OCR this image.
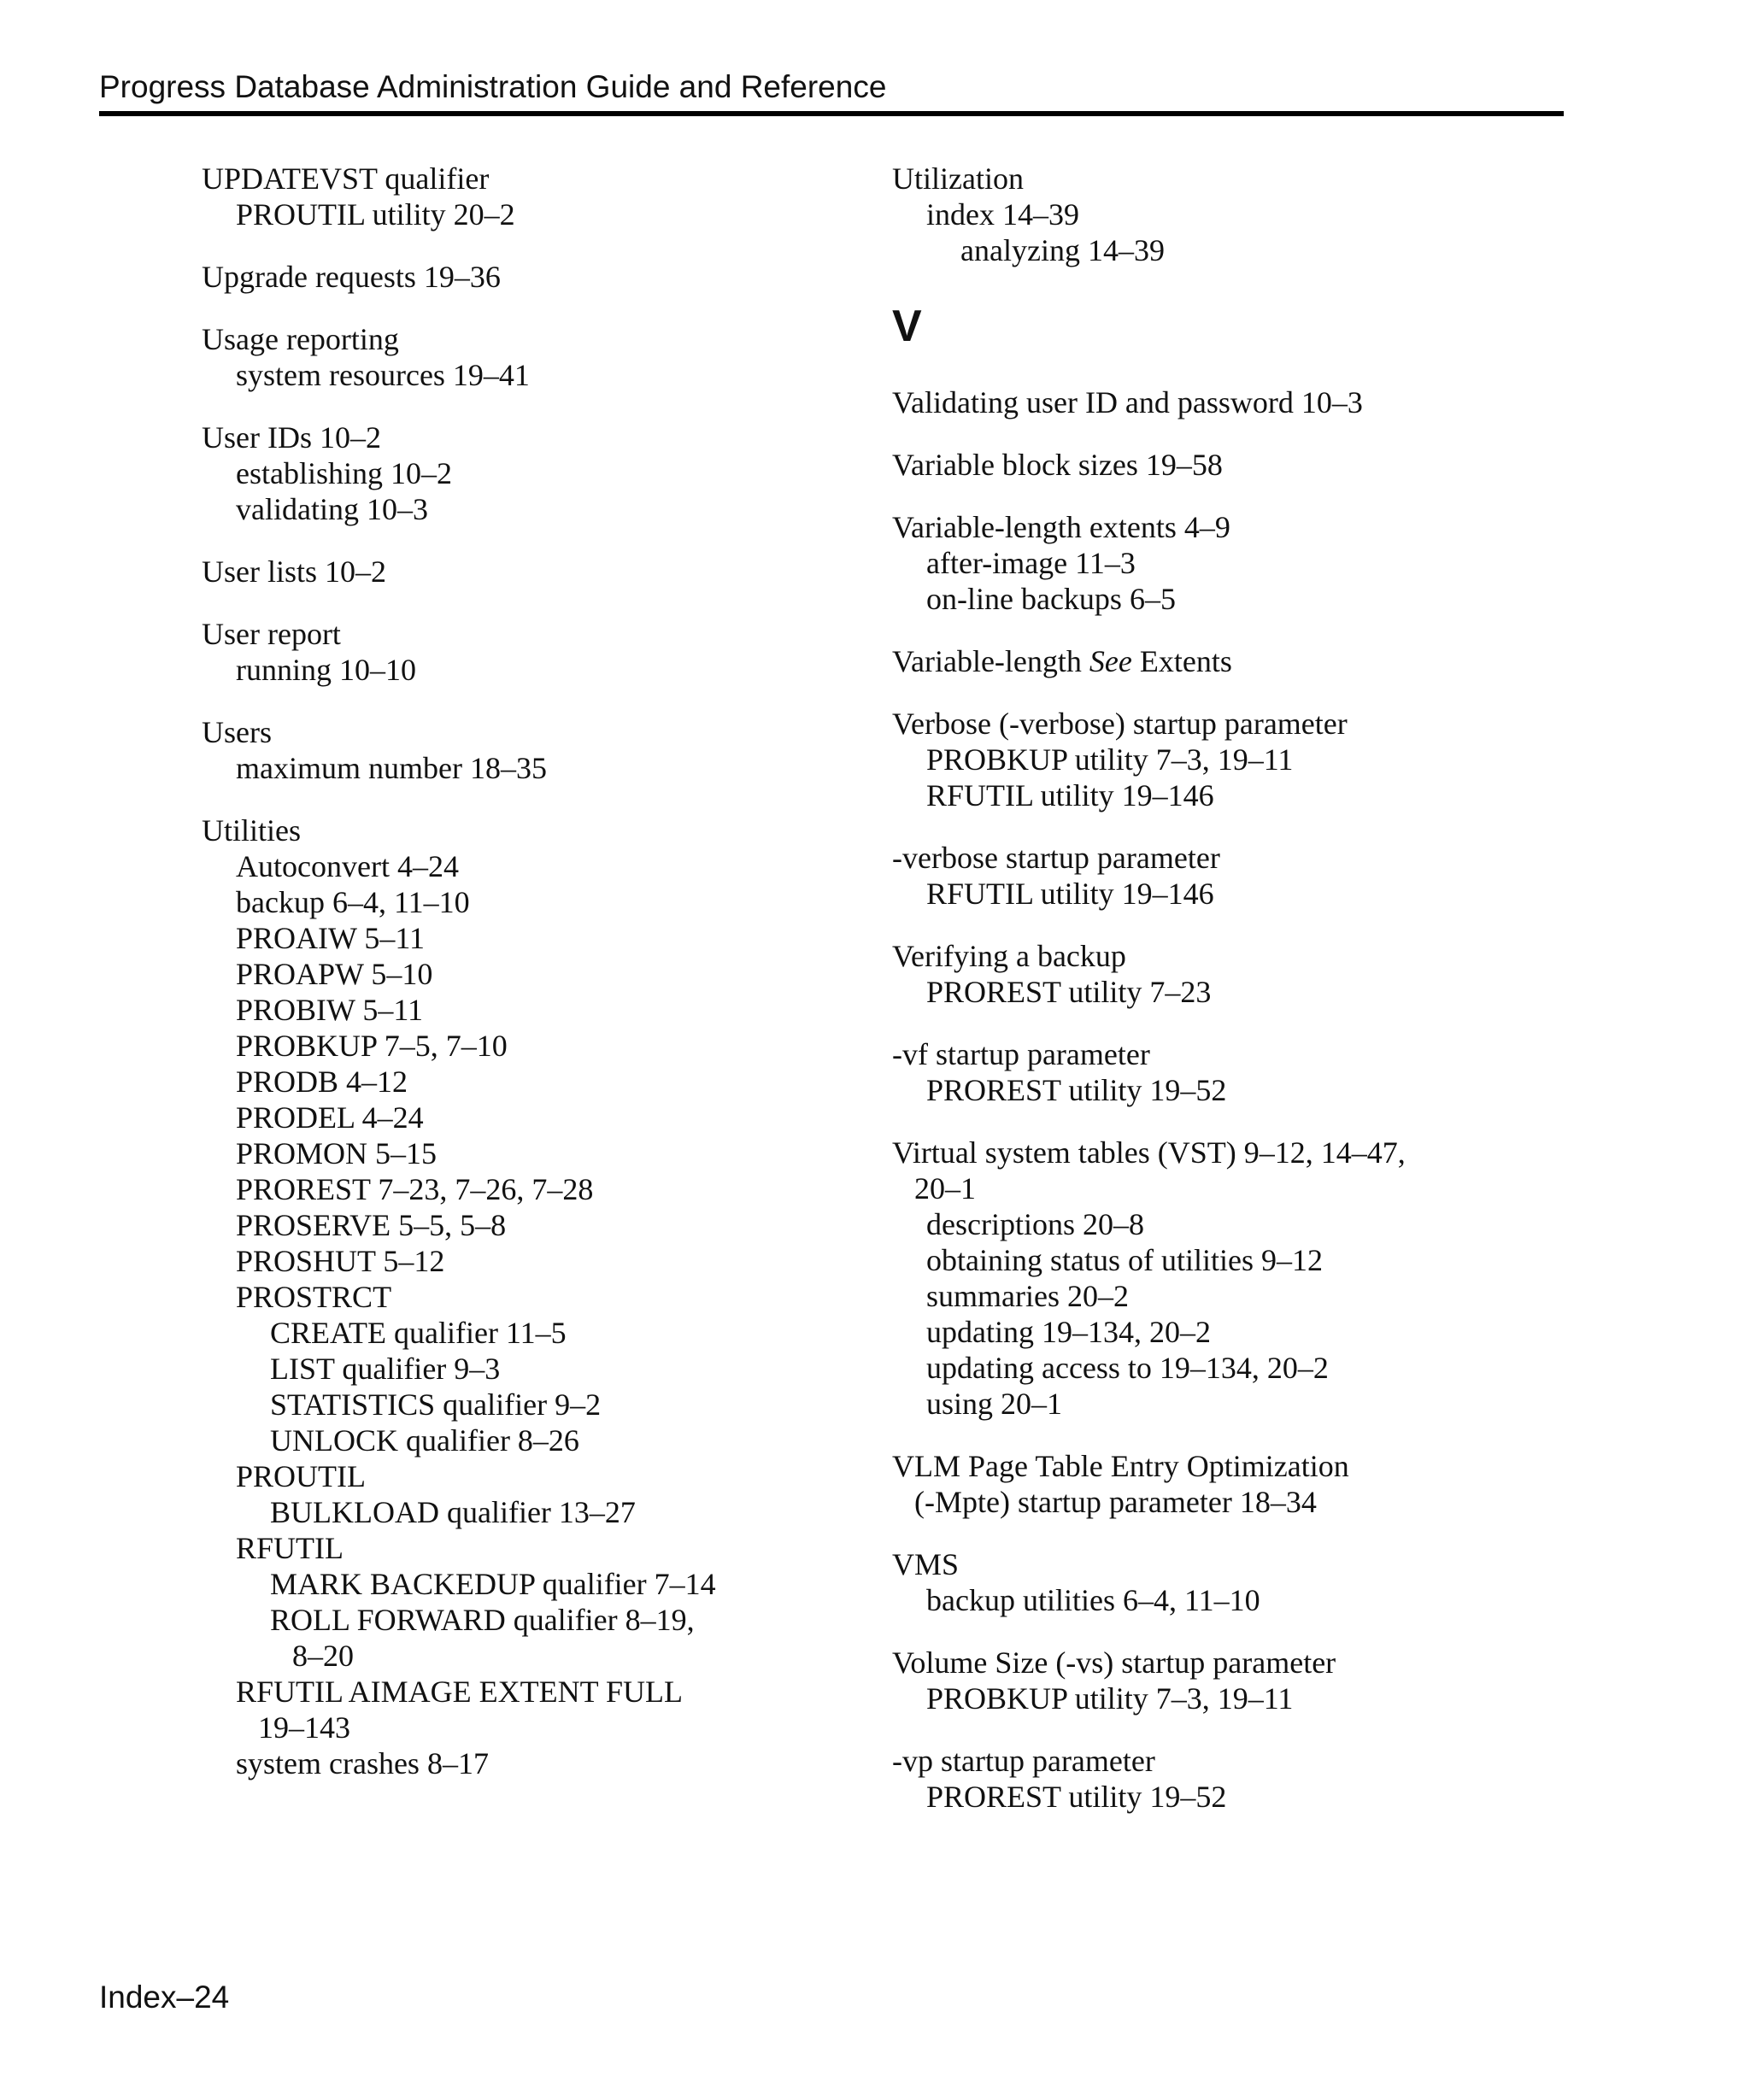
Progress Database Administration Guide and Reference
UPDATEVST qualifier
PROUTIL utility 20–2
Upgrade requests 19–36
Usage reporting
system resources 19–41
User IDs 10–2
establishing 10–2
validating 10–3
User lists 10–2
User report
running 10–10
Users
maximum number 18–35
Utilities
Autoconvert 4–24
backup 6–4, 11–10
PROAIW 5–11
PROAPW 5–10
PROBIW 5–11
PROBKUP 7–5, 7–10
PRODB 4–12
PRODEL 4–24
PROMON 5–15
PROREST 7–23, 7–26, 7–28
PROSERVE 5–5, 5–8
PROSHUT 5–12
PROSTRCT
CREATE qualifier 11–5
LIST qualifier 9–3
STATISTICS qualifier 9–2
UNLOCK qualifier 8–26
PROUTIL
BULKLOAD qualifier 13–27
RFUTIL
MARK BACKEDUP qualifier 7–14
ROLL FORWARD qualifier 8–19,
8–20
RFUTIL AIMAGE EXTENT FULL
19–143
system crashes 8–17
Utilization
index 14–39
analyzing 14–39
V
Validating user ID and password 10–3
Variable block sizes 19–58
Variable-length extents 4–9
after-image 11–3
on-line backups 6–5
Variable-length See Extents
Verbose (-verbose) startup parameter
PROBKUP utility 7–3, 19–11
RFUTIL utility 19–146
-verbose startup parameter
RFUTIL utility 19–146
Verifying a backup
PROREST utility 7–23
-vf startup parameter
PROREST utility 19–52
Virtual system tables (VST) 9–12, 14–47,
20–1
descriptions 20–8
obtaining status of utilities 9–12
summaries 20–2
updating 19–134, 20–2
updating access to 19–134, 20–2
using 20–1
VLM Page Table Entry Optimization
(-Mpte) startup parameter 18–34
VMS
backup utilities 6–4, 11–10
Volume Size (-vs) startup parameter
PROBKUP utility 7–3, 19–11
-vp startup parameter
PROREST utility 19–52
Index–24
